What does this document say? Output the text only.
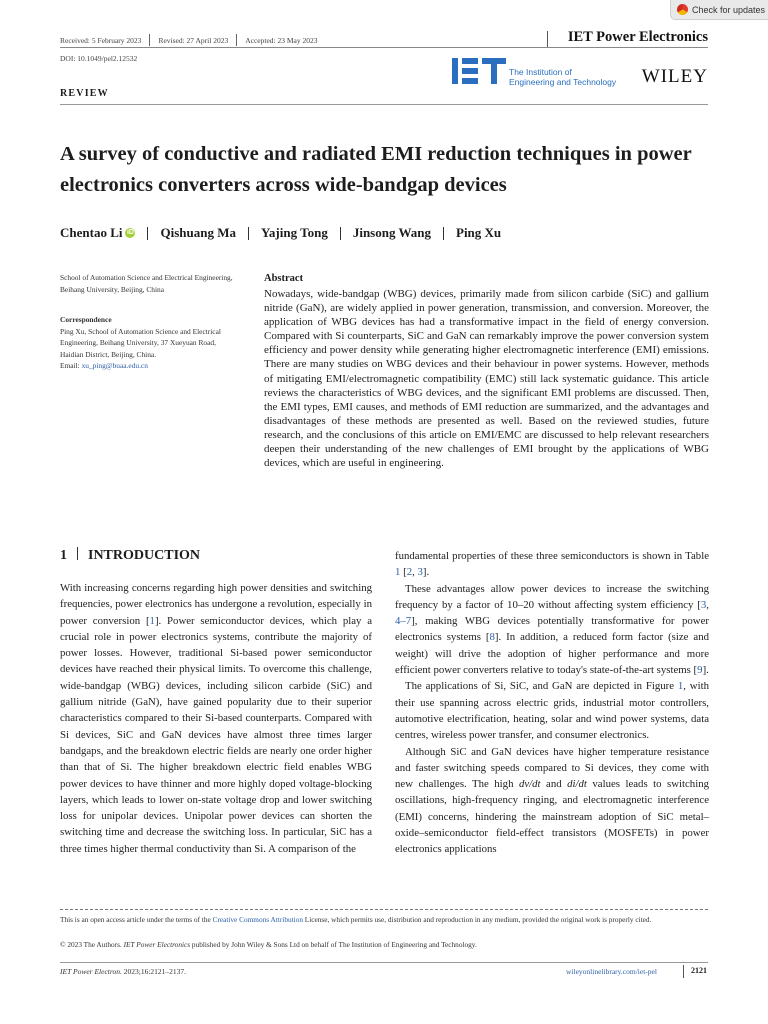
Check for updates
Received: 5 February 2023 Revised: 27 April 2023 Accepted: 23 May 2023	IET Power Electronics
DOI: 10.1049/pel2.12532
The Institution of
Engineering and Technology	WILEY
REVIEW
A survey of conductive and radiated EMI reduction techniques in power electronics converters across wide-bandgap devices
Chentao Li iD Qishuang Ma Yajing Tong Jinsong Wang Ping Xu
School of Automation Science and Electrical Engineering, Beihang University, Beijing, China
Correspondence
Ping Xu, School of Automation Science and Electrical Engineering, Beihang University, 37 Xueyuan Road, Haidian District, Beijing, China.
Email: xu_ping@buaa.edu.cn
Abstract

Nowadays, wide-bandgap (WBG) devices, primarily made from silicon carbide (SiC) and gallium nitride (GaN), are widely applied in power generation, transmission, and conversion. Moreover, the application of WBG devices has had a transformative impact in the field of energy conversion. Compared with Si counterparts, SiC and GaN can remarkably improve the power conversion system efficiency and power density while generating higher electromagnetic interference (EMI) emissions. There are many studies on WBG devices and their behaviour in power systems. However, methods of mitigating EMI/electromagnetic compatibility (EMC) still lack systematic guidance. This article reviews the characteristics of WBG devices, and the significant EMI problems are discussed. Then, the EMI types, EMI causes, and methods of EMI reduction are summarized, and the advantages and disadvantages of these methods are presented as well. Based on the reviewed studies, future research, and the conclusions of this article on EMI/EMC are discussed to help relevant researchers deepen their understanding of the new challenges of EMI brought by the applications of WBG devices, which are useful in engineering.

1 INTRODUCTION

With increasing concerns regarding high power densities and switching frequencies, power electronics has undergone a revolution, especially in power conversion [1]. Power semiconductor devices, which play a crucial role in power electronics systems, contribute the majority of power losses. However, traditional Si-based power semiconductor devices have reached their physical limits. To overcome this challenge, wide-bandgap (WBG) devices, including silicon carbide (SiC) and gallium nitride (GaN), have gained popularity due to their superior characteristics compared to their Si-based counterparts. Compared with Si devices, SiC and GaN devices have almost three times larger bandgaps, and the breakdown electric fields are nearly one order higher than that of Si. The higher breakdown electric field enables WBG power devices to have thinner and more highly doped voltage-blocking layers, which leads to lower on-state voltage drop and lower switching loss for unipolar devices. Unipolar power devices can shorten the switching time and decrease the switching loss. In particular, SiC has a three times higher thermal conductivity than Si. A comparison of the

fundamental properties of these three semiconductors is shown in Table 1 [2, 3].

These advantages allow power devices to increase the switching frequency by a factor of 10–20 without affecting system efficiency [3, 4–7], making WBG devices potentially transformative for power electronics systems [8]. In addition, a reduced form factor (size and weight) will drive the adoption of higher performance and more efficient power converters relative to today's state-of-the-art systems [9].

The applications of Si, SiC, and GaN are depicted in Figure 1, with their use spanning across electric grids, industrial motor controllers, automotive electrification, heating, solar and wind power systems, data centres, wireless power transfer, and consumer electronics.

Although SiC and GaN devices have higher temperature resistance and faster switching speeds compared to Si devices, they come with new challenges. The high dv/dt and di/dt values leads to switching oscillations, high-frequency ringing, and electromagnetic interference (EMI) concerns, hindering the mainstream adoption of SiC metal–oxide–semiconductor field-effect transistors (MOSFETs) in power electronics applications

This is an open access article under the terms of the Creative Commons Attribution License, which permits use, distribution and reproduction in any medium, provided the original work is properly cited.
© 2023 The Authors. IET Power Electronics published by John Wiley & Sons Ltd on behalf of The Institution of Engineering and Technology.
IET Power Electron. 2023;16:2121–2137.	wileyonlinelibrary.com/iet-pel	2121
